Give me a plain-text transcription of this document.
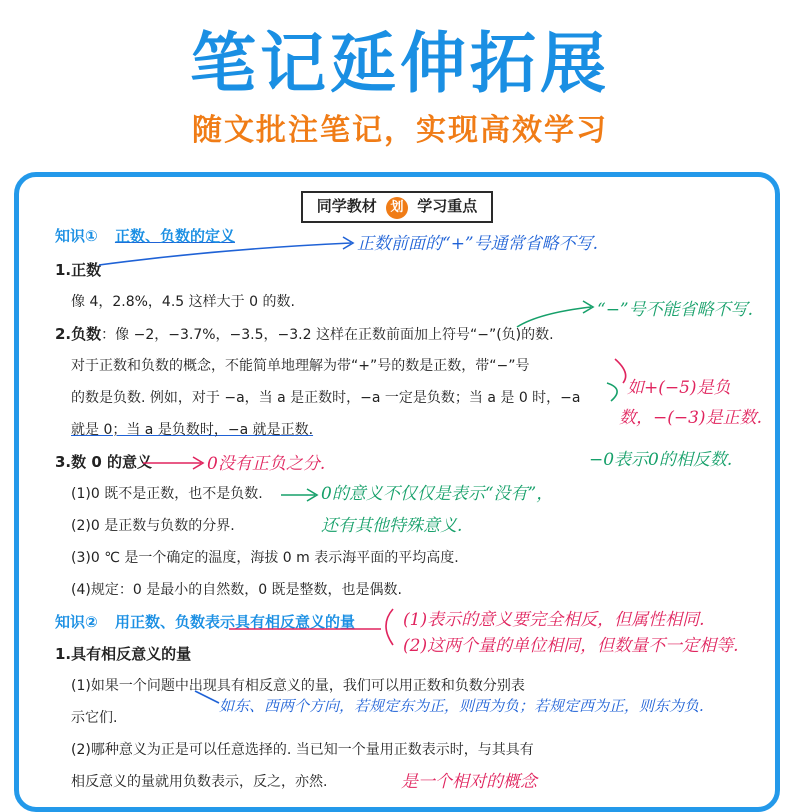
笔记延伸拓展
随文批注笔记，实现高效学习
同学教材 划 学习重点
知识① 正数、负数的定义
1.正数
像 4，2.8%，4.5 这样大于 0 的数.
2.负数：像 −2，−3.7%，−3.5，−3.2 这样在正数前面加上符号“−”(负)的数.
对于正数和负数的概念，不能简单地理解为带“+”号的数是正数，带“−”号
的数是负数. 例如，对于 −a，当 a 是正数时，−a 一定是负数；当 a 是 0 时，−a
就是 0；当 a 是负数时，−a 就是正数.
3.数 0 的意义
(1)0 既不是正数，也不是负数.
(2)0 是正数与负数的分界.
(3)0 ℃ 是一个确定的温度，海拔 0 m 表示海平面的平均高度.
(4)规定：0 是最小的自然数，0 既是整数，也是偶数.
知识② 用正数、负数表示具有相反意义的量
1.具有相反意义的量
(1)如果一个问题中出现具有相反意义的量，我们可以用正数和负数分别表
示它们.
(2)哪种意义为正是可以任意选择的. 当已知一个量用正数表示时，与其具有
相反意义的量就用负数表示，反之，亦然.
正数前面的“+”号通常省略不写.
“−”号不能省略不写.
如+(−5)是负
数，−(−3)是正数.
−0表示0的相反数.
0没有正负之分.
0的意义不仅仅是表示“没有”，
还有其他特殊意义.
(1)表示的意义要完全相反，但属性相同.
(2)这两个量的单位相同，但数量不一定相等.
如东、西两个方向，若规定东为正，则西为负；若规定西为正，则东为负.
是一个相对的概念
